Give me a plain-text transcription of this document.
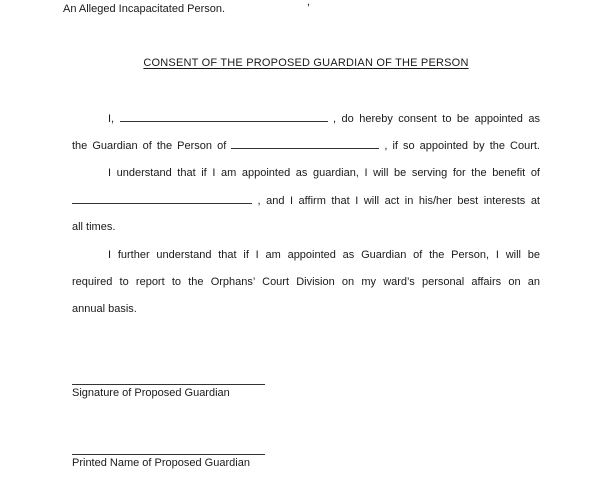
,
An Alleged Incapacitated Person.
CONSENT OF THE PROPOSED GUARDIAN OF THE PERSON
I,	, do hereby consent to be appointed as
the Guardian of the Person of	, if so appointed by the Court.
I understand that if I am appointed as guardian, I will be serving for the benefit of
, and I affirm that I will act in his/her best interests at
all times.
I further understand that if I am appointed as Guardian of the Person, I will be
required to report to the Orphans’ Court Division on my ward’s personal affairs on an
annual basis.
Signature of Proposed Guardian
Printed Name of Proposed Guardian
